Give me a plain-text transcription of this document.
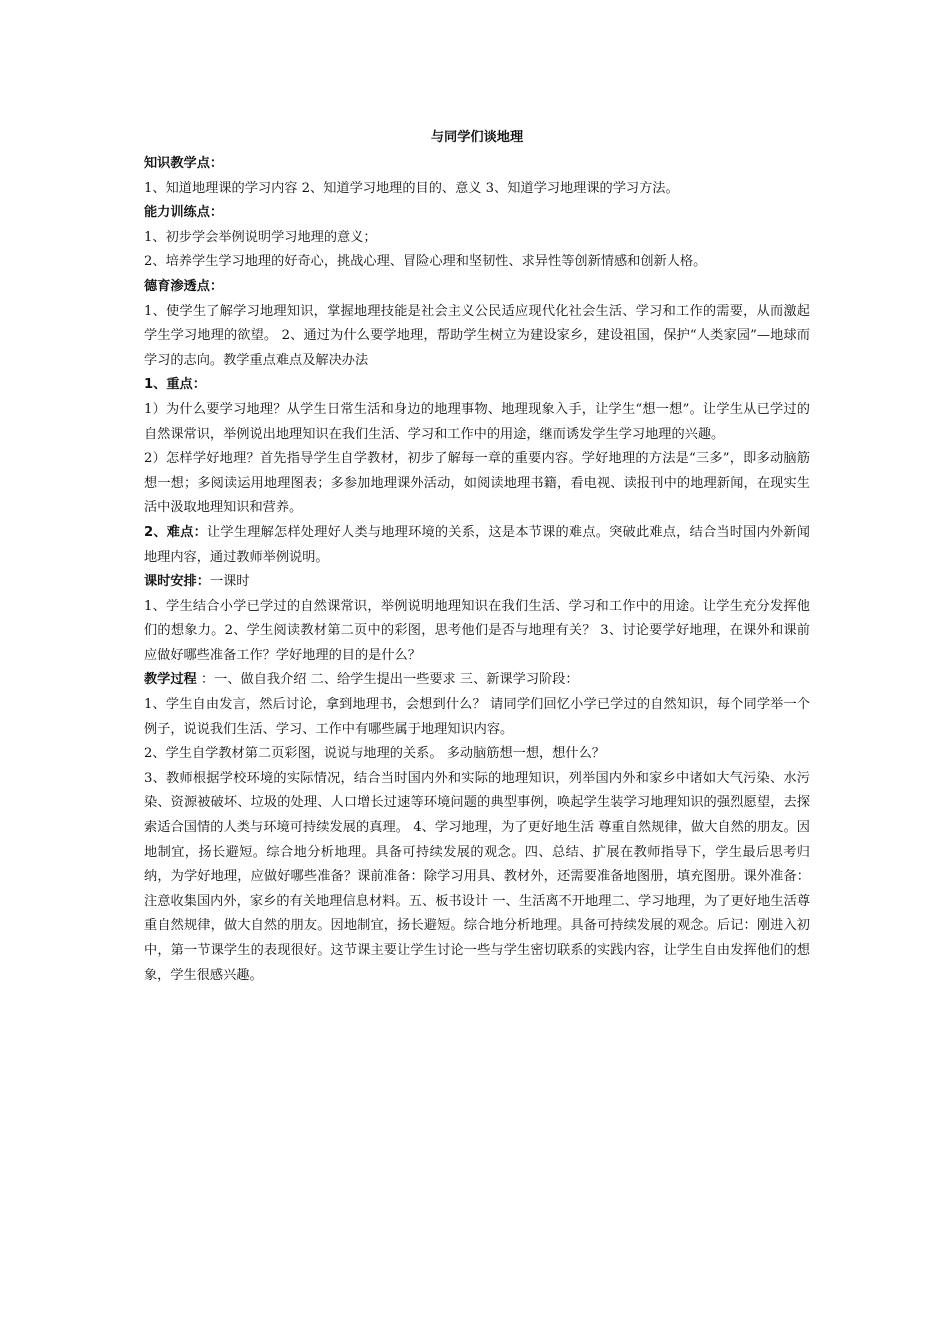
与同学们谈地理
知识教学点：

1、知道地理课的学习内容 2、知道学习地理的目的、意义 3、知道学习地理课的学习方法。

能力训练点：

1、初步学会举例说明学习地理的意义；

2、培养学生学习地理的好奇心，挑战心理、冒险心理和坚韧性、求异性等创新情感和创新人格。

德育渗透点：

1、使学生了解学习地理知识，掌握地理技能是社会主义公民适应现代化社会生活、学习和工作的需要，从而激起学生学习地理的欲望。 2、通过为什么要学地理，帮助学生树立为建设家乡，建设祖国，保护“人类家园”—地球而学习的志向。教学重点难点及解决办法

1、重点：

1）为什么要学习地理？从学生日常生活和身边的地理事物、地理现象入手，让学生“想一想”。让学生从已学过的自然课常识，举例说出地理知识在我们生活、学习和工作中的用途，继而诱发学生学习地理的兴趣。

2）怎样学好地理？首先指导学生自学教材，初步了解每一章的重要内容。学好地理的方法是“三多”，即多动脑筋想一想；多阅读运用地理图表；多参加地理课外活动，如阅读地理书籍，看电视、读报刊中的地理新闻，在现实生活中汲取地理知识和营养。

2、难点：让学生理解怎样处理好人类与地理环境的关系，这是本节课的难点。突破此难点，结合当时国内外新闻地理内容，通过教师举例说明。

课时安排：一课时

1、学生结合小学已学过的自然课常识，举例说明地理知识在我们生活、学习和工作中的用途。让学生充分发挥他们的想象力。2、学生阅读教材第二页中的彩图，思考他们是否与地理有关？ 3、讨论要学好地理，在课外和课前应做好哪些准备工作？学好地理的目的是什么？

教学过程 ：一、做自我介绍 二、给学生提出一些要求 三、新课学习阶段：

1、学生自由发言，然后讨论，拿到地理书，会想到什么？ 请同学们回忆小学已学过的自然知识，每个同学举一个例子，说说我们生活、学习、工作中有哪些属于地理知识内容。

2、学生自学教材第二页彩图，说说与地理的关系。 多动脑筋想一想，想什么？

3、教师根据学校环境的实际情况，结合当时国内外和实际的地理知识，列举国内外和家乡中诸如大气污染、水污染、资源被破坏、垃圾的处理、人口增长过速等环境问题的典型事例，唤起学生装学习地理知识的强烈愿望，去探索适合国情的人类与环境可持续发展的真理。 4、学习地理，为了更好地生活 尊重自然规律，做大自然的朋友。因地制宜，扬长避短。综合地分析地理。具备可持续发展的观念。四、总结、扩展在教师指导下，学生最后思考归纳，为学好地理，应做好哪些准备？课前准备：除学习用具、教材外，还需要准备地图册，填充图册。课外准备：注意收集国内外，家乡的有关地理信息材料。五、板书设计 一、生活离不开地理二、学习地理，为了更好地生活尊重自然规律，做大自然的朋友。因地制宜，扬长避短。综合地分析地理。具备可持续发展的观念。后记：刚进入初中，第一节课学生的表现很好。这节课主要让学生讨论一些与学生密切联系的实践内容，让学生自由发挥他们的想象，学生很感兴趣。
